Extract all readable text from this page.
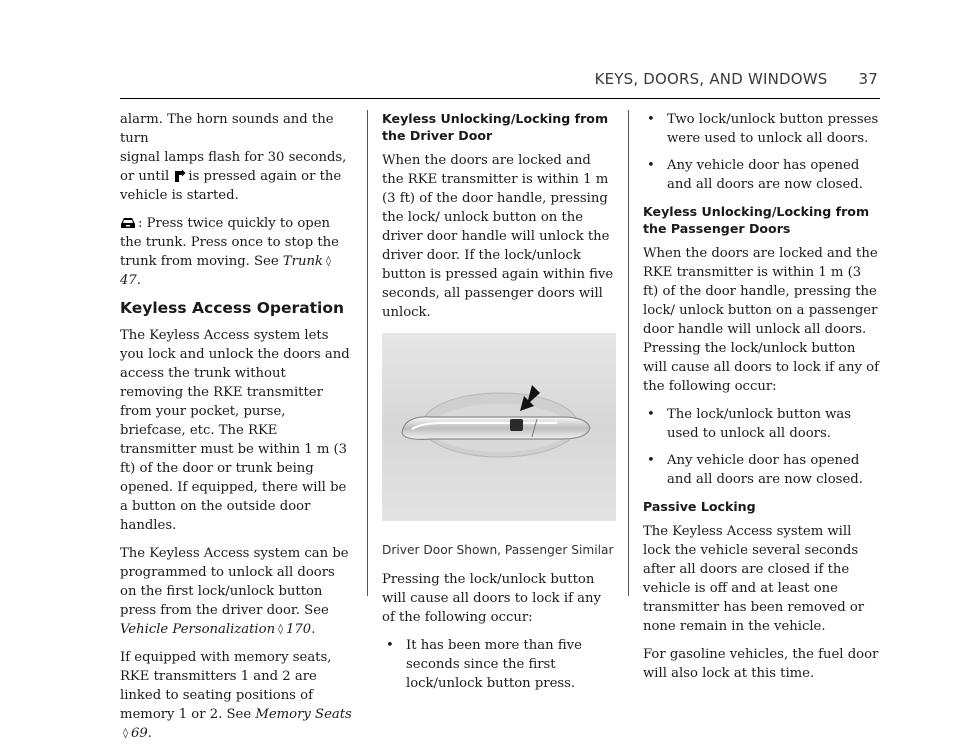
KEYS, DOORS, AND WINDOWS 37

alarm. The horn sounds and the turn
signal lamps flash for 30 seconds,
or until is pressed again or the vehicle is started.

: Press twice quickly to open the trunk. Press once to stop the trunk from moving. See Trunk ◊47.

Keyless Access Operation

The Keyless Access system lets you lock and unlock the doors and access the trunk without removing the RKE transmitter from your pocket, purse, briefcase, etc. The RKE transmitter must be within 1 m (3 ft) of the door or trunk being opened. If equipped, there will be a button on the outside door handles.

The Keyless Access system can be programmed to unlock all doors on the first lock/unlock button press from the driver door. See Vehicle Personalization ◊ 170.

If equipped with memory seats, RKE transmitters 1 and 2 are linked to seating positions of memory 1 or 2. See Memory Seats◊ 69.

Keyless Unlocking/Locking from the Driver Door

When the doors are locked and the RKE transmitter is within 1 m (3 ft) of the door handle, pressing the lock/ unlock button on the driver door handle will unlock the driver door. If the lock/unlock button is pressed again within five seconds, all passenger doors will unlock.

Driver Door Shown, Passenger Similar

Pressing the lock/unlock button will cause all doors to lock if any of the following occur:

• It has been more than five seconds since the first lock/unlock button press.
• Two lock/unlock button presses were used to unlock all doors.
• Any vehicle door has opened and all doors are now closed.
Keyless Unlocking/Locking from the Passenger Doors

When the doors are locked and the RKE transmitter is within 1 m (3 ft) of the door handle, pressing the lock/ unlock button on a passenger door handle will unlock all doors. Pressing the lock/unlock button will cause all doors to lock if any of the following occur:

• The lock/unlock button was used to unlock all doors.
• Any vehicle door has opened and all doors are now closed.
Passive Locking

The Keyless Access system will lock the vehicle several seconds after all doors are closed if the vehicle is off and at least one transmitter has been removed or none remain in the vehicle.

For gasoline vehicles, the fuel door will also lock at this time.
